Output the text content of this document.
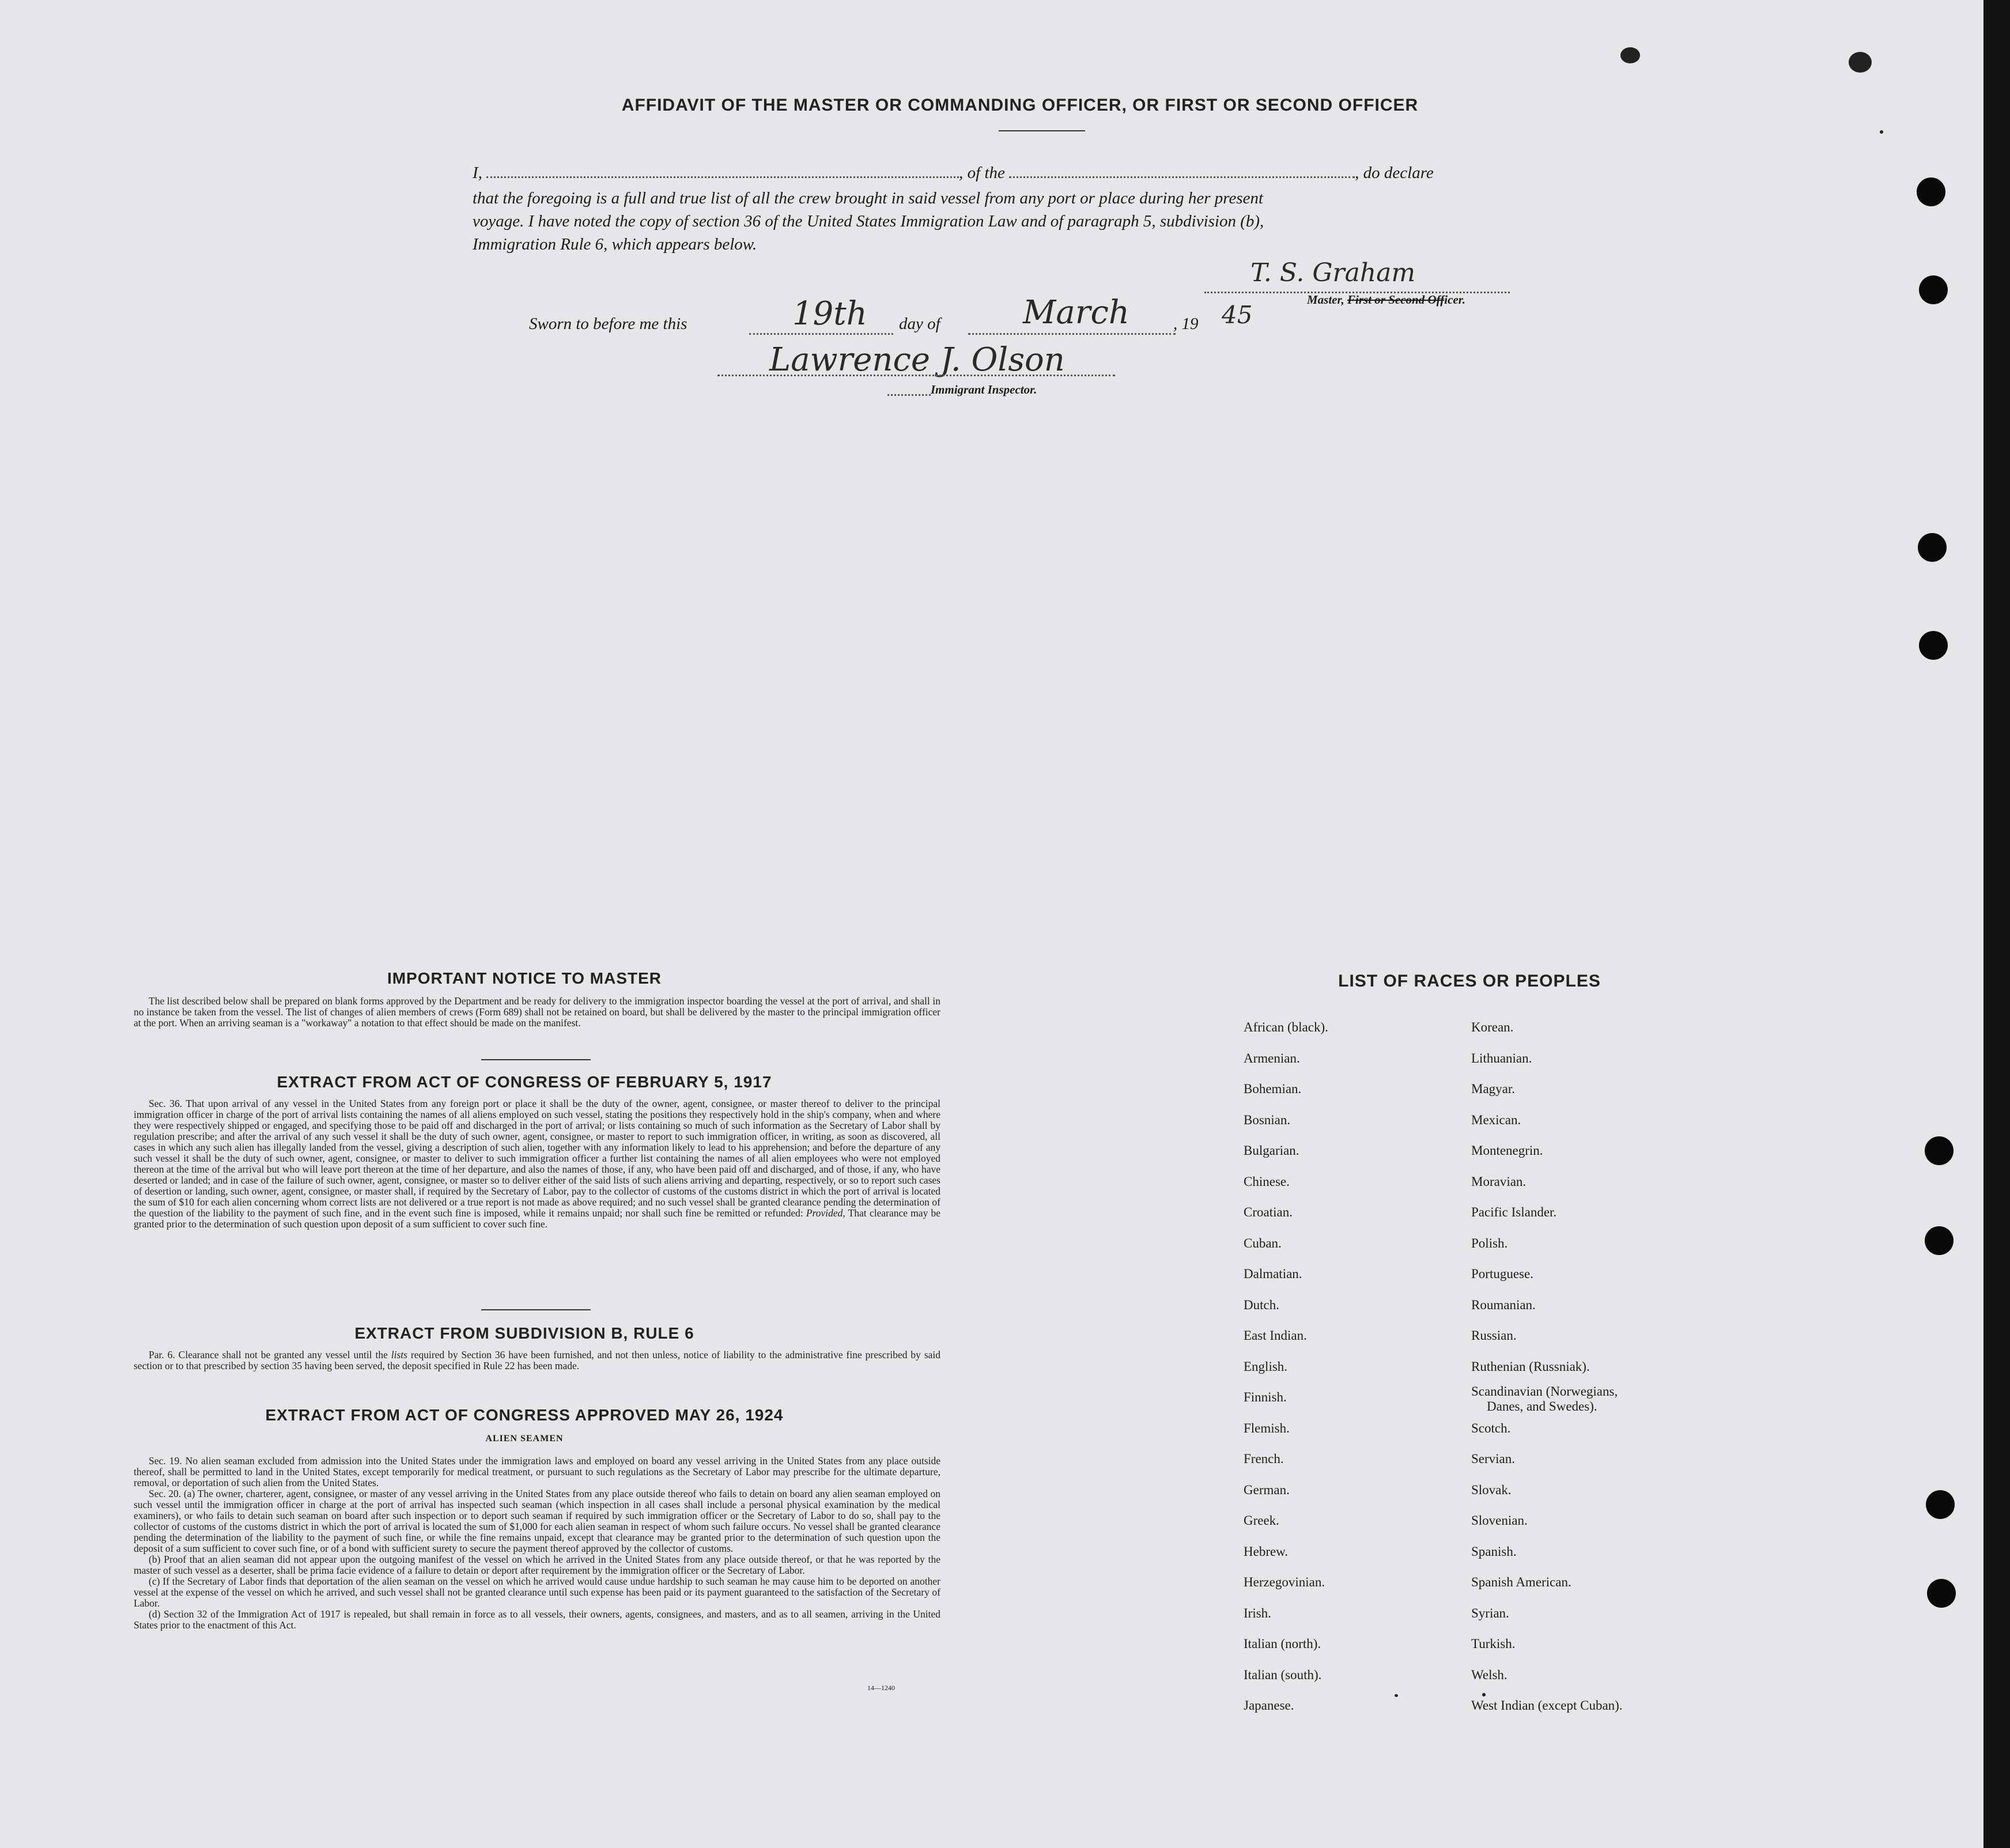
AFFIDAVIT OF THE MASTER OR COMMANDING OFFICER, OR FIRST OR SECOND OFFICER
I,	, of the	, do declare
that the foregoing is a full and true list of all the crew brought in said vessel from any port or place during her present
voyage. I have noted the copy of section 36 of the United States Immigration Law and of paragraph 5, subdivision (b),
Immigration Rule 6, which appears below.
T. S. Graham
Master, First or Second Officer.
Sworn to before me this	19th day of	March	, 19 45
Lawrence J. Olson
Immigrant Inspector.
IMPORTANT NOTICE TO MASTER
The list described below shall be prepared on blank forms approved by the Department and be ready for delivery to the immigration inspector boarding the vessel at the port of arrival, and shall in no instance be taken from the vessel. The list of changes of alien members of crews (Form 689) shall not be retained on board, but shall be delivered by the master to the principal immigration officer at the port. When an arriving seaman is a "workaway" a notation to that effect should be made on the manifest.
EXTRACT FROM ACT OF CONGRESS OF FEBRUARY 5, 1917
Sec. 36. That upon arrival of any vessel in the United States from any foreign port or place it shall be the duty of the owner, agent, consignee, or master thereof to deliver to the principal immigration officer in charge of the port of arrival lists containing the names of all aliens employed on such vessel, stating the positions they respectively hold in the ship's company, when and where they were respectively shipped or engaged, and specifying those to be paid off and discharged in the port of arrival; or lists containing so much of such information as the Secretary of Labor shall by regulation prescribe; and after the arrival of any such vessel it shall be the duty of such owner, agent, consignee, or master to report to such immigration officer, in writing, as soon as discovered, all cases in which any such alien has illegally landed from the vessel, giving a description of such alien, together with any information likely to lead to his apprehension; and before the departure of any such vessel it shall be the duty of such owner, agent, consignee, or master to deliver to such immigration officer a further list containing the names of all alien employees who were not employed thereon at the time of the arrival but who will leave port thereon at the time of her departure, and also the names of those, if any, who have been paid off and discharged, and of those, if any, who have deserted or landed; and in case of the failure of such owner, agent, consignee, or master so to deliver either of the said lists of such aliens arriving and departing, respectively, or so to report such cases of desertion or landing, such owner, agent, consignee, or master shall, if required by the Secretary of Labor, pay to the collector of customs of the customs district in which the port of arrival is located the sum of $10 for each alien concerning whom correct lists are not delivered or a true report is not made as above required; and no such vessel shall be granted clearance pending the determination of the question of the liability to the payment of such fine, and in the event such fine is imposed, while it remains unpaid; nor shall such fine be remitted or refunded: Provided, That clearance may be granted prior to the determination of such question upon deposit of a sum sufficient to cover such fine.
EXTRACT FROM SUBDIVISION B, RULE 6
Par. 6. Clearance shall not be granted any vessel until the lists required by Section 36 have been furnished, and not then unless, notice of liability to the administrative fine prescribed by said section or to that prescribed by section 35 having been served, the deposit specified in Rule 22 has been made.
EXTRACT FROM ACT OF CONGRESS APPROVED MAY 26, 1924
ALIEN SEAMEN
Sec. 19. No alien seaman excluded from admission into the United States under the immigration laws and employed on board any vessel arriving in the United States from any place outside thereof, shall be permitted to land in the United States, except temporarily for medical treatment, or pursuant to such regulations as the Secretary of Labor may prescribe for the ultimate departure, removal, or deportation of such alien from the United States.
Sec. 20. (a) The owner, charterer, agent, consignee, or master of any vessel arriving in the United States from any place outside thereof who fails to detain on board any alien seaman employed on such vessel until the immigration officer in charge at the port of arrival has inspected such seaman (which inspection in all cases shall include a personal physical examination by the medical examiners), or who fails to detain such seaman on board after such inspection or to deport such seaman if required by such immigration officer or the Secretary of Labor to do so, shall pay to the collector of customs of the customs district in which the port of arrival is located the sum of $1,000 for each alien seaman in respect of whom such failure occurs. No vessel shall be granted clearance pending the determination of the liability to the payment of such fine, or while the fine remains unpaid, except that clearance may be granted prior to the determination of such question upon the deposit of a sum sufficient to cover such fine, or of a bond with sufficient surety to secure the payment thereof approved by the collector of customs.
(b) Proof that an alien seaman did not appear upon the outgoing manifest of the vessel on which he arrived in the United States from any place outside thereof, or that he was reported by the master of such vessel as a deserter, shall be prima facie evidence of a failure to detain or deport after requirement by the immigration officer or the Secretary of Labor.
(c) If the Secretary of Labor finds that deportation of the alien seaman on the vessel on which he arrived would cause undue hardship to such seaman he may cause him to be deported on another vessel at the expense of the vessel on which he arrived, and such vessel shall not be granted clearance until such expense has been paid or its payment guaranteed to the satisfaction of the Secretary of Labor.
(d) Section 32 of the Immigration Act of 1917 is repealed, but shall remain in force as to all vessels, their owners, agents, consignees, and masters, and as to all seamen, arriving in the United States prior to the enactment of this Act.
14—1240
LIST OF RACES OR PEOPLES
African (black).
Armenian.
Bohemian.
Bosnian.
Bulgarian.
Chinese.
Croatian.
Cuban.
Dalmatian.
Dutch.
East Indian.
English.
Finnish.
Flemish.
French.
German.
Greek.
Hebrew.
Herzegovinian.
Irish.
Italian (north).
Italian (south).
Japanese.
Korean.
Lithuanian.
Magyar.
Mexican.
Montenegrin.
Moravian.
Pacific Islander.
Polish.
Portuguese.
Roumanian.
Russian.
Ruthenian (Russniak).
Scandinavian (Norwegians,
Danes, and Swedes).
Scotch.
Servian.
Slovak.
Slovenian.
Spanish.
Spanish American.
Syrian.
Turkish.
Welsh.
West Indian (except Cuban).
